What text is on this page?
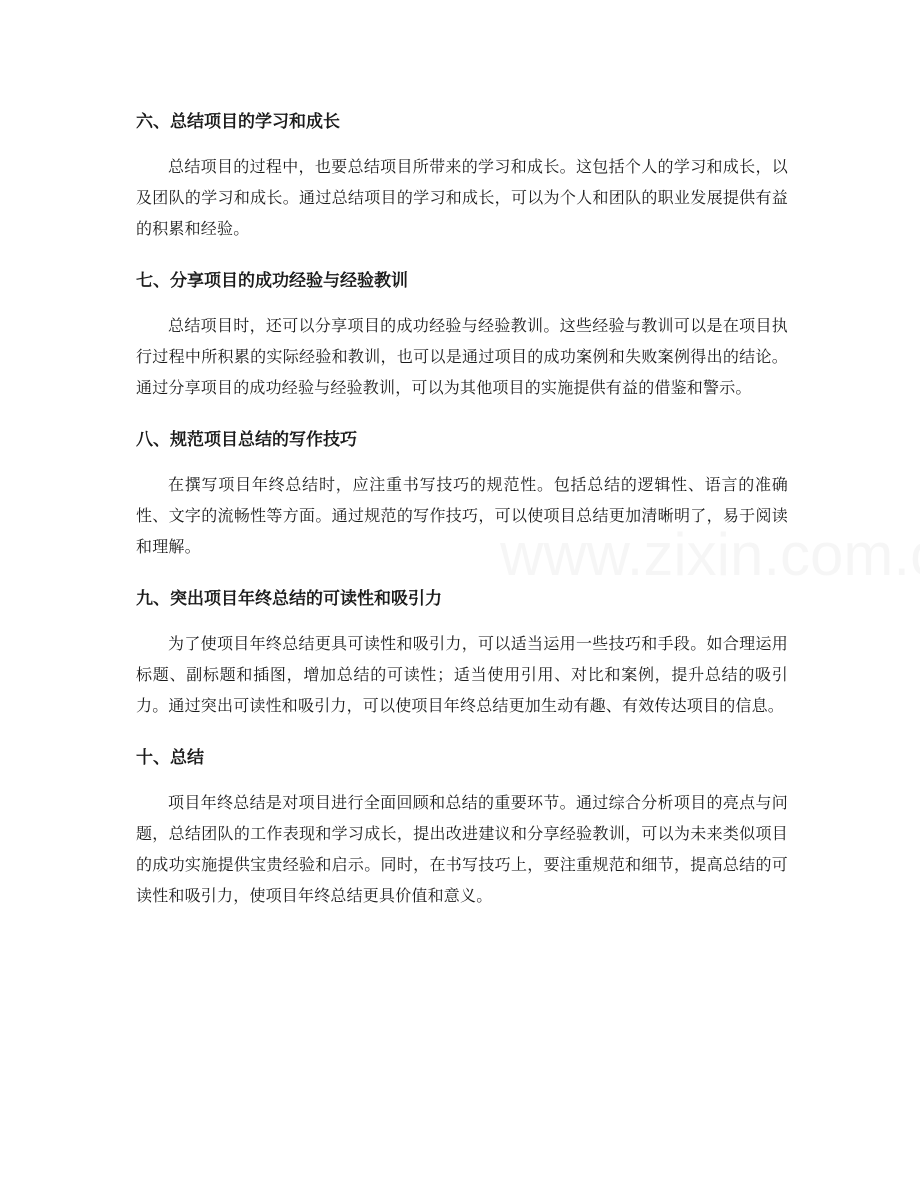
六、总结项目的学习和成长

总结项目的过程中，也要总结项目所带来的学习和成长。这包括个人的学习和成长，以及团队的学习和成长。通过总结项目的学习和成长，可以为个人和团队的职业发展提供有益的积累和经验。

七、分享项目的成功经验与经验教训

总结项目时，还可以分享项目的成功经验与经验教训。这些经验与教训可以是在项目执行过程中所积累的实际经验和教训，也可以是通过项目的成功案例和失败案例得出的结论。通过分享项目的成功经验与经验教训，可以为其他项目的实施提供有益的借鉴和警示。

八、规范项目总结的写作技巧

在撰写项目年终总结时，应注重书写技巧的规范性。包括总结的逻辑性、语言的准确性、文字的流畅性等方面。通过规范的写作技巧，可以使项目总结更加清晰明了，易于阅读和理解。

九、突出项目年终总结的可读性和吸引力

为了使项目年终总结更具可读性和吸引力，可以适当运用一些技巧和手段。如合理运用标题、副标题和插图，增加总结的可读性；适当使用引用、对比和案例，提升总结的吸引力。通过突出可读性和吸引力，可以使项目年终总结更加生动有趣、有效传达项目的信息。

十、总结

项目年终总结是对项目进行全面回顾和总结的重要环节。通过综合分析项目的亮点与问题，总结团队的工作表现和学习成长，提出改进建议和分享经验教训，可以为未来类似项目的成功实施提供宝贵经验和启示。同时，在书写技巧上，要注重规范和细节，提高总结的可读性和吸引力，使项目年终总结更具价值和意义。
